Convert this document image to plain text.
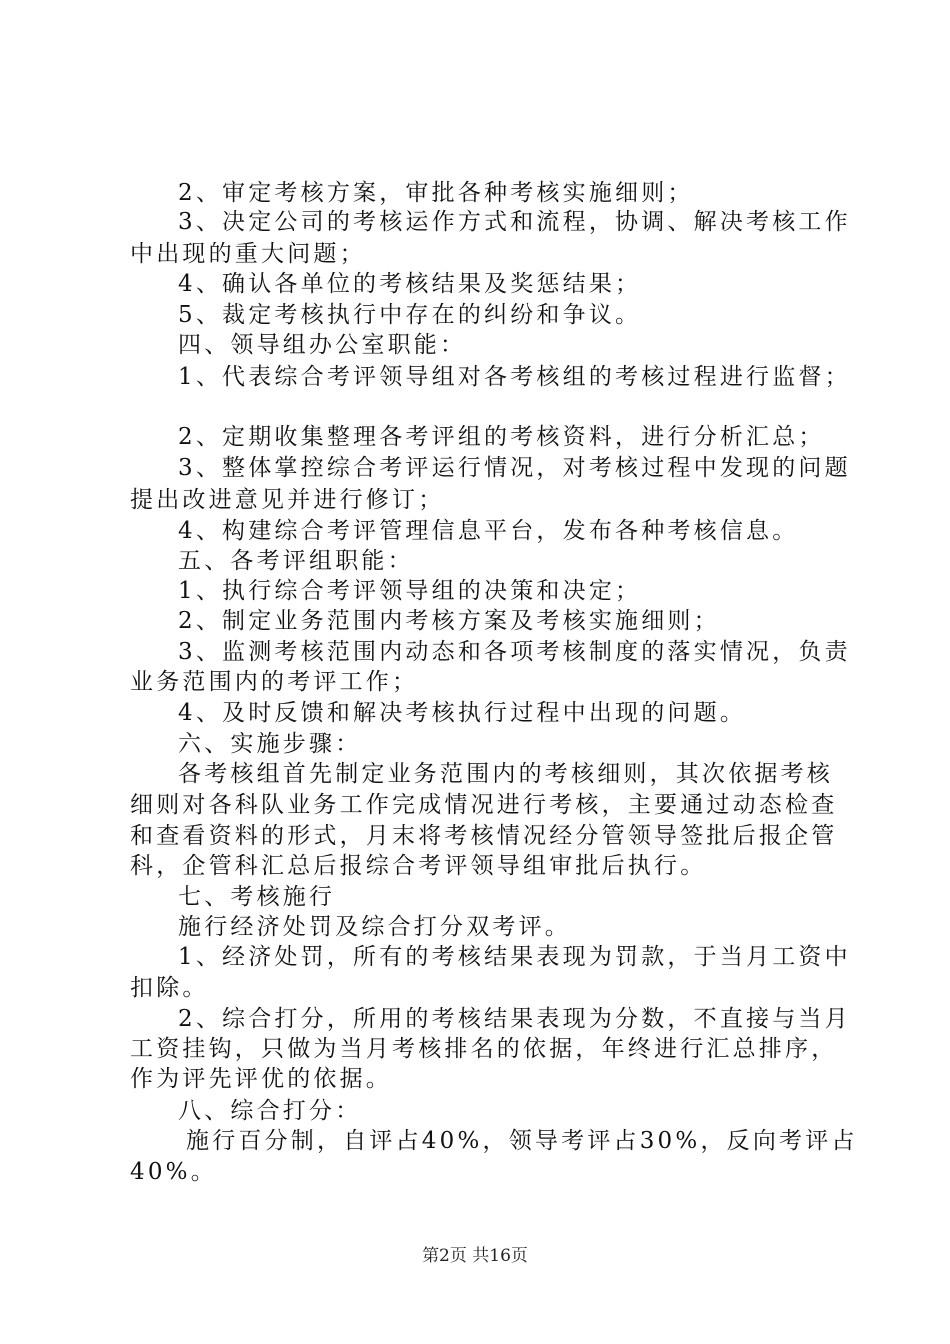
2、审定考核方案，审批各种考核实施细则；
3、决定公司的考核运作方式和流程，协调、解决考核工作
中出现的重大问题；
4、确认各单位的考核结果及奖惩结果；
5、裁定考核执行中存在的纠纷和争议。
四、领导组办公室职能：
1、代表综合考评领导组对各考核组的考核过程进行监督；
2、定期收集整理各考评组的考核资料，进行分析汇总；
3、整体掌控综合考评运行情况，对考核过程中发现的问题
提出改进意见并进行修订；
4、构建综合考评管理信息平台，发布各种考核信息。
五、各考评组职能：
1、执行综合考评领导组的决策和决定；
2、制定业务范围内考核方案及考核实施细则；
3、监测考核范围内动态和各项考核制度的落实情况，负责
业务范围内的考评工作；
4、及时反馈和解决考核执行过程中出现的问题。
六、实施步骤：
各考核组首先制定业务范围内的考核细则，其次依据考核
细则对各科队业务工作完成情况进行考核，主要通过动态检查
和查看资料的形式，月末将考核情况经分管领导签批后报企管
科，企管科汇总后报综合考评领导组审批后执行。
七、考核施行
施行经济处罚及综合打分双考评。
1、经济处罚，所有的考核结果表现为罚款，于当月工资中
扣除。
2、综合打分，所用的考核结果表现为分数，不直接与当月
工资挂钩，只做为当月考核排名的依据，年终进行汇总排序，
作为评先评优的依据。
八、综合打分：
施行百分制，自评占40%，领导考评占30%，反向考评占
40%。
第2页 共16页
